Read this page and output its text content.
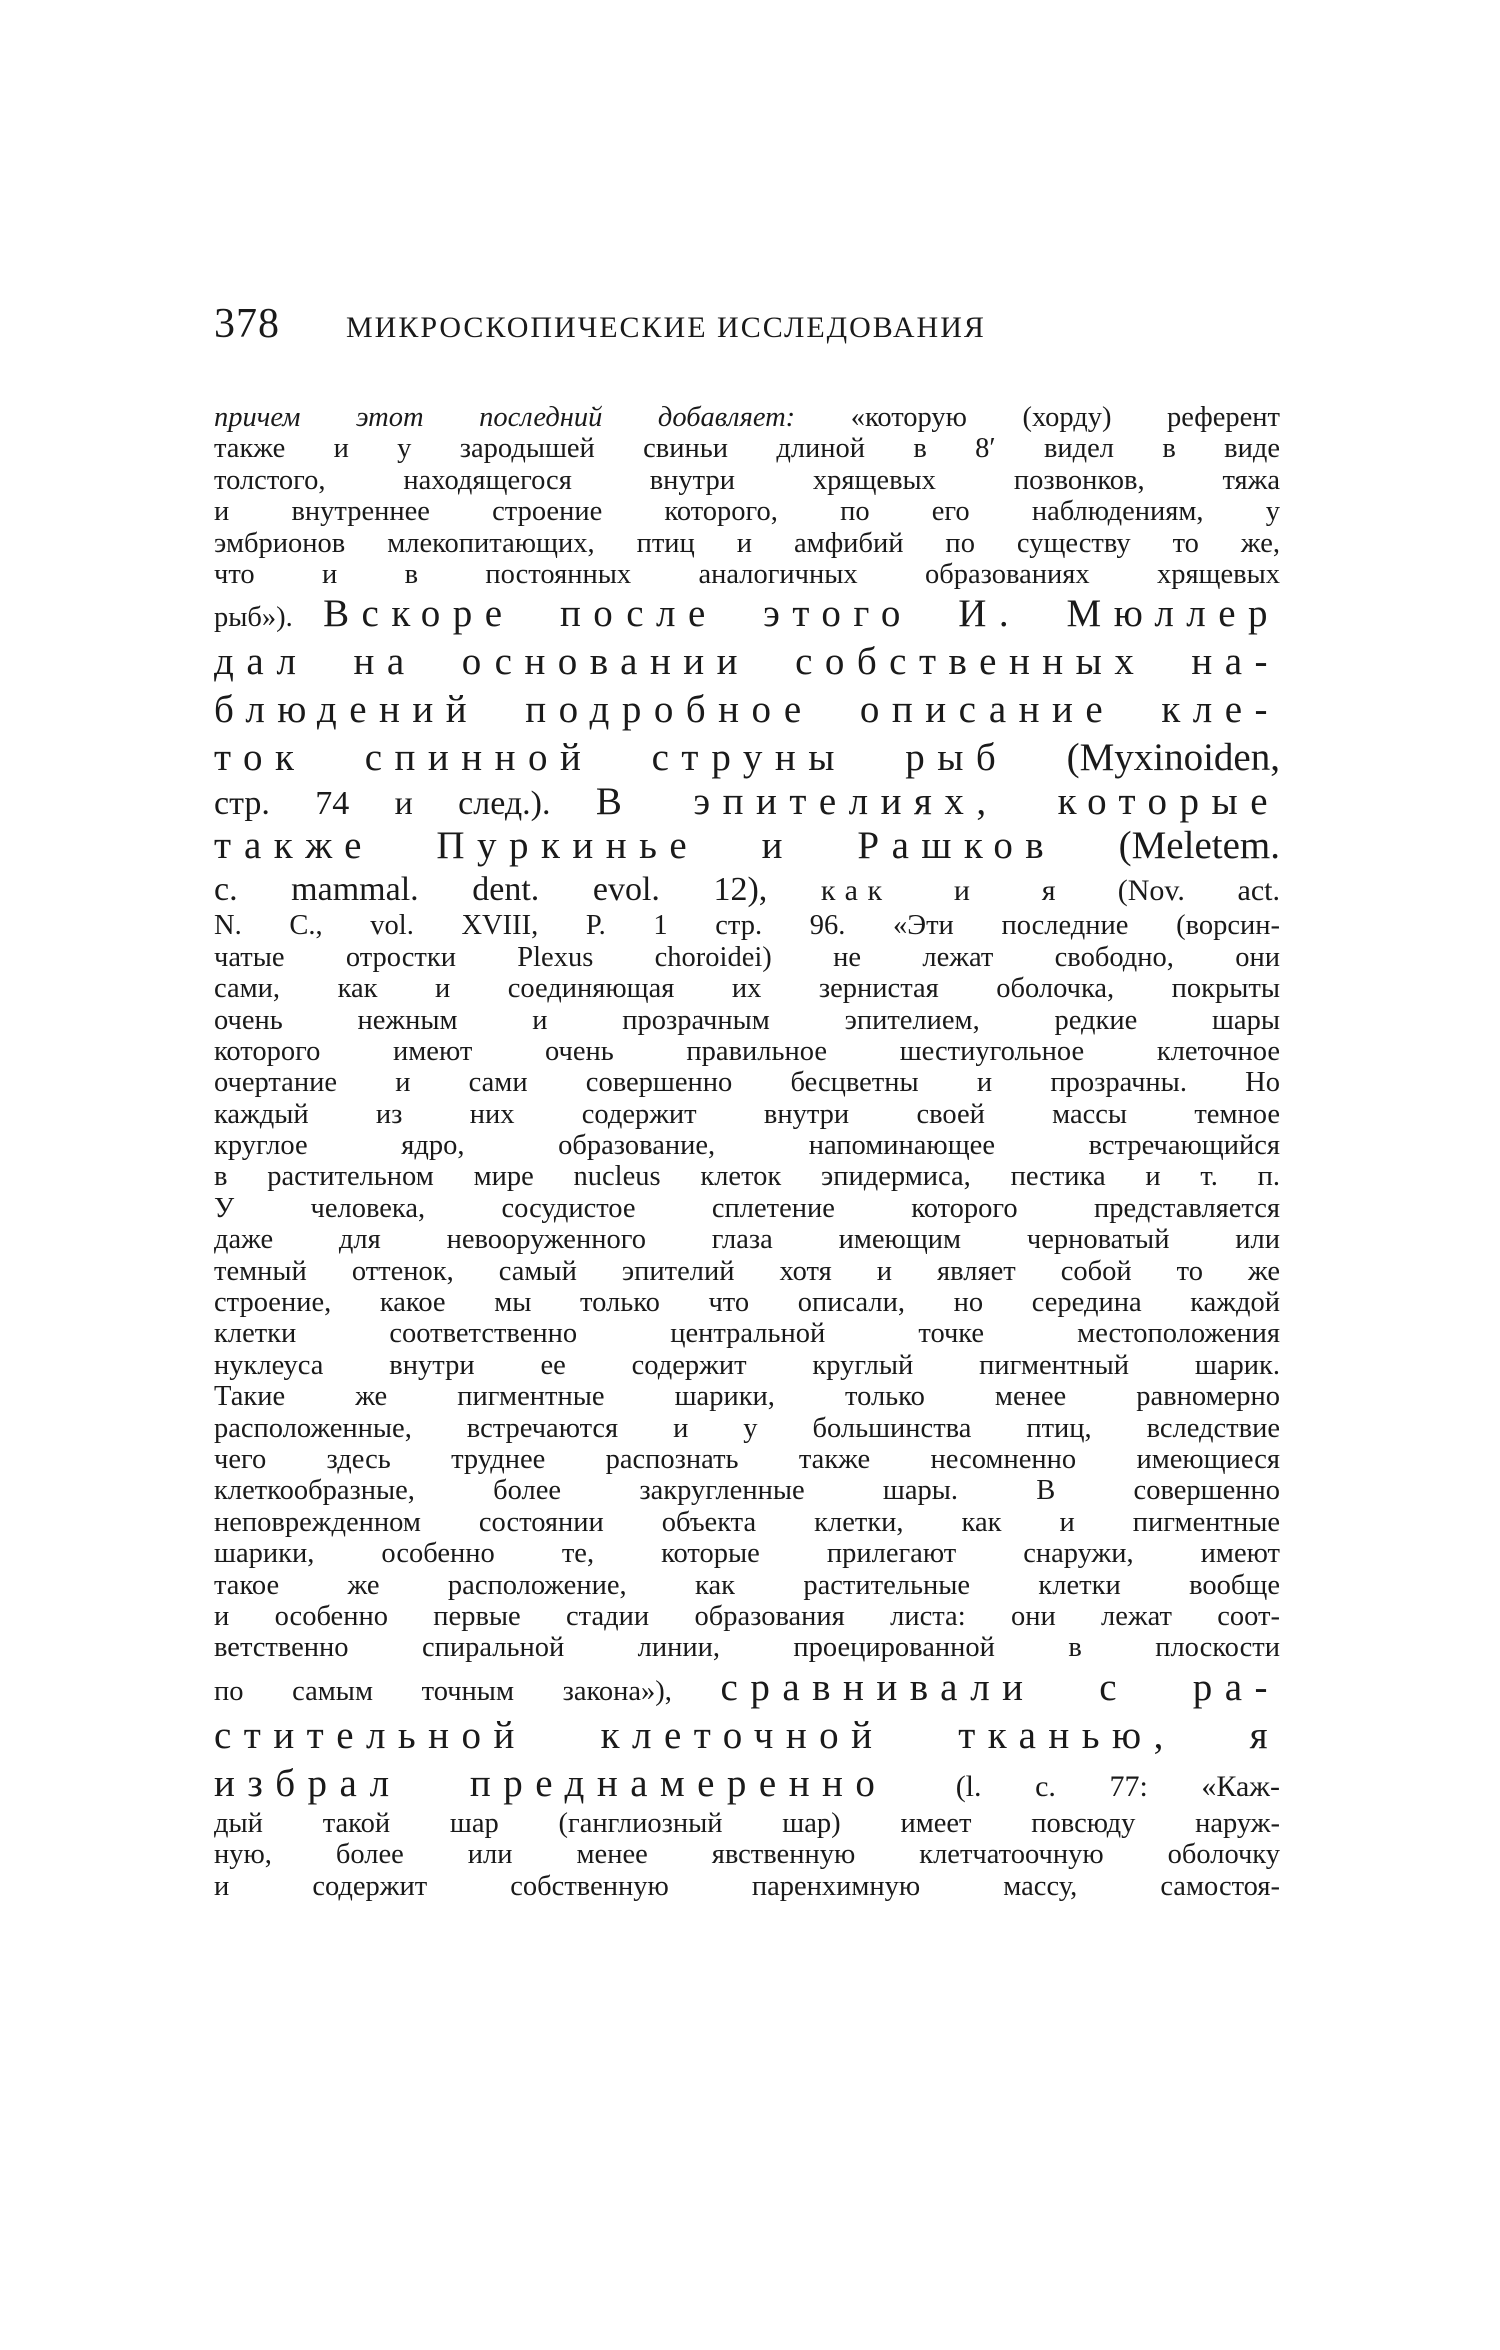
378	МИКРОСКОПИЧЕСКИЕ ИССЛЕДОВАНИЯ
причем этот последний добавляет: «которую (хорду) референт
также и у зародышей свиньи длиной в 8′ видел в виде
толстого, находящегося внутри хрящевых позвонков, тяжа
и внутреннее строение которого, по его наблюдениям, у
эмбрионов млекопитающих, птиц и амфибий по существу то же,
что и в постоянных аналогичных образованиях хрящевых
рыб»). Вскоре после этого И. Мюллер
дал на основании собственных на-
блюдений подробное описание кле-
ток спинной струны рыб (Myxinoiden,
стр. 74 и след.). В эпителиях, которые
также Пуркинье и Рашков (Meletem.
c. mammal. dent. evol. 12), как и я (Nov. act.
N. C., vol. XVIII, P. 1 стр. 96. «Эти последние (ворсин-
чатые отростки Plexus choroidei) не лежат свободно, они
сами, как и соединяющая их зернистая оболочка, покрыты
очень нежным и прозрачным эпителием, редкие шары
которого имеют очень правильное шестиугольное клеточное
очертание и сами совершенно бесцветны и прозрачны. Но
каждый из них содержит внутри своей массы темное
круглое ядро, образование, напоминающее встречающийся
в растительном мире nucleus клеток эпидермиса, пестика и т. п.
У человека, сосудистое сплетение которого представляется
даже для невооруженного глаза имеющим черноватый или
темный оттенок, самый эпителий хотя и являет собой то же
строение, какое мы только что описали, но середина каждой
клетки соответственно центральной точке местоположения
нуклеуса внутри ее содержит круглый пигментный шарик.
Такие же пигментные шарики, только менее равномерно
расположенные, встречаются и у большинства птиц, вследствие
чего здесь труднее распознать также несомненно имеющиеся
клеткообразные, более закругленные шары. В совершенно
неповрежденном состоянии объекта клетки, как и пигментные
шарики, особенно те, которые прилегают снаружи, имеют
такое же расположение, как растительные клетки вообще
и особенно первые стадии образования листа: они лежат соот-
ветственно спиральной линии, проецированной в плоскости
по самым точным закона»), сравнивали с ра-
стительной клеточной тканью, я
избрал преднамеренно (l. c. 77: «Каж-
дый такой шар (ганглиозный шар) имеет повсюду наруж-
ную, более или менее явственную клетчатоочную оболочку
и содержит собственную паренхимную массу, самостоя-
